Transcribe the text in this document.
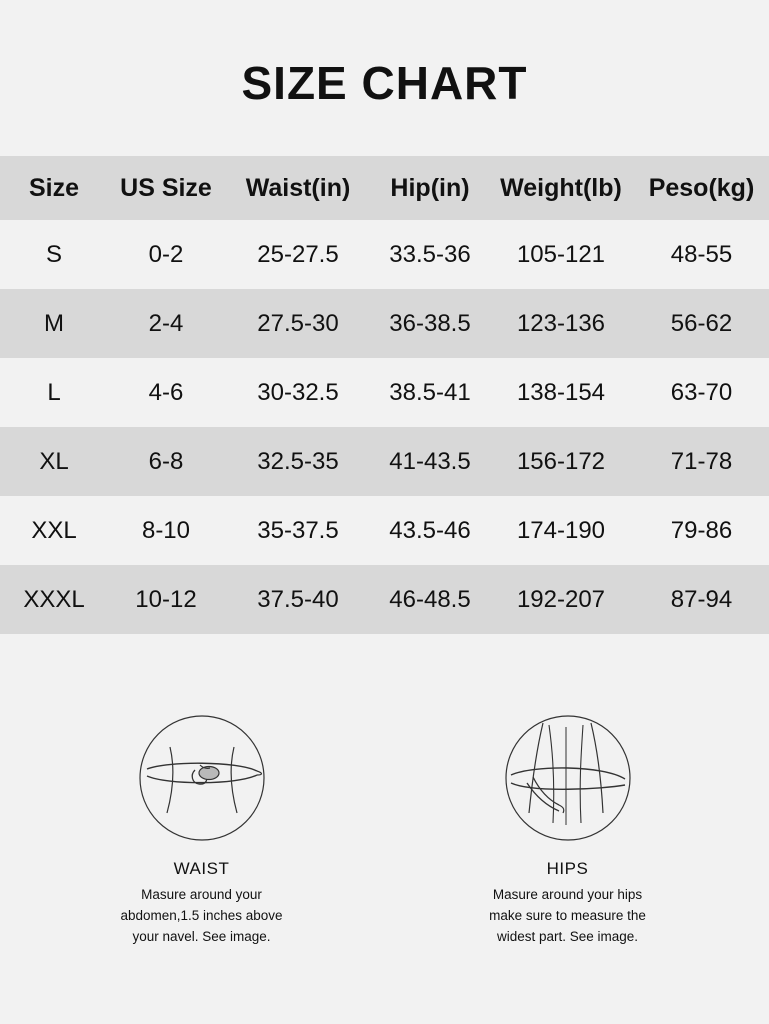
SIZE CHART
Size	US Size	Waist(in)	Hip(in)	Weight(lb)	Peso(kg)
S	0-2	25-27.5	33.5-36	105-121	48-55
M	2-4	27.5-30	36-38.5	123-136	56-62
L	4-6	30-32.5	38.5-41	138-154	63-70
XL	6-8	32.5-35	41-43.5	156-172	71-78
XXL	8-10	35-37.5	43.5-46	174-190	79-86
XXXL	10-12	37.5-40	46-48.5	192-207	87-94
WAIST
Masure around your
abdomen,1.5 inches above
your navel. See image.
HIPS
Masure around your hips
make sure to measure the
widest part. See image.
